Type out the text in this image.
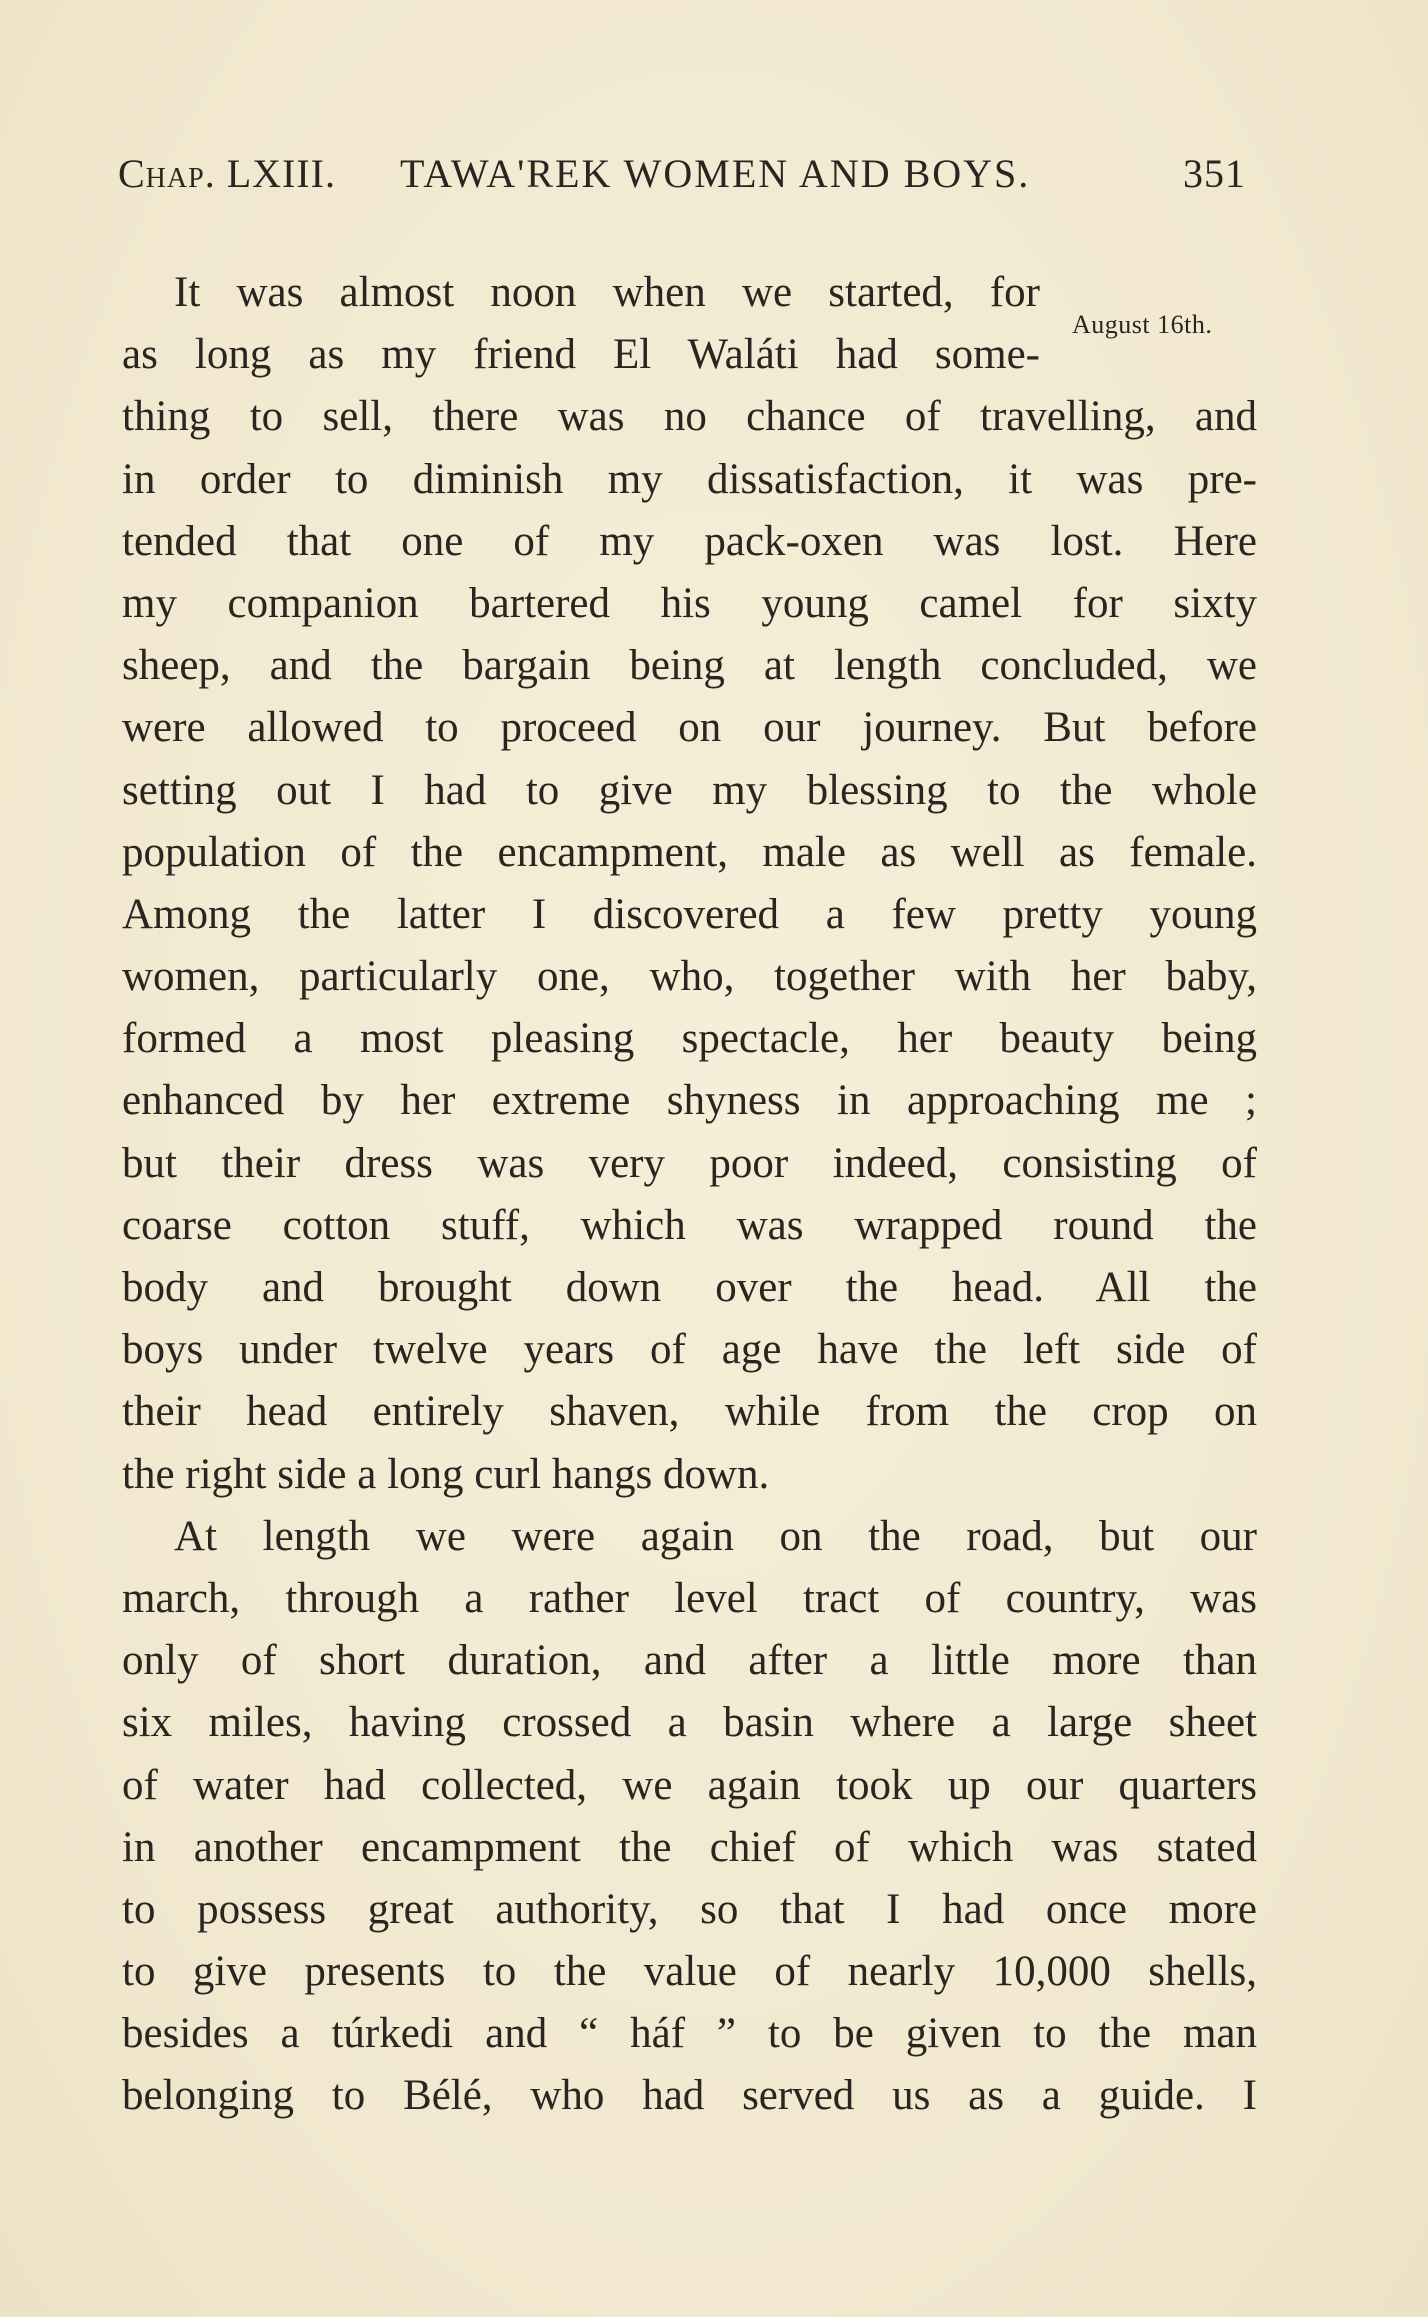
Chap. LXIII. TAWA'REK WOMEN AND BOYS.	351
August 16th.
It was almost noon when we started, for
as long as my friend El Waláti had some-
thing to sell, there was no chance of travelling, and
in order to diminish my dissatisfaction, it was pre-
tended that one of my pack-oxen was lost. Here
my companion bartered his young camel for sixty
sheep, and the bargain being at length concluded, we
were allowed to proceed on our journey. But before
setting out I had to give my blessing to the whole
population of the encampment, male as well as female.
Among the latter I discovered a few pretty young
women, particularly one, who, together with her baby,
formed a most pleasing spectacle, her beauty being
enhanced by her extreme shyness in approaching me ;
but their dress was very poor indeed, consisting of
coarse cotton stuff, which was wrapped round the
body and brought down over the head. All the
boys under twelve years of age have the left side of
their head entirely shaven, while from the crop on
the right side a long curl hangs down.
At length we were again on the road, but our
march, through a rather level tract of country, was
only of short duration, and after a little more than
six miles, having crossed a basin where a large sheet
of water had collected, we again took up our quarters
in another encampment the chief of which was stated
to possess great authority, so that I had once more
to give presents to the value of nearly 10,000 shells,
besides a túrkedi and “ háf ” to be given to the man
belonging to Bélé, who had served us as a guide. I
